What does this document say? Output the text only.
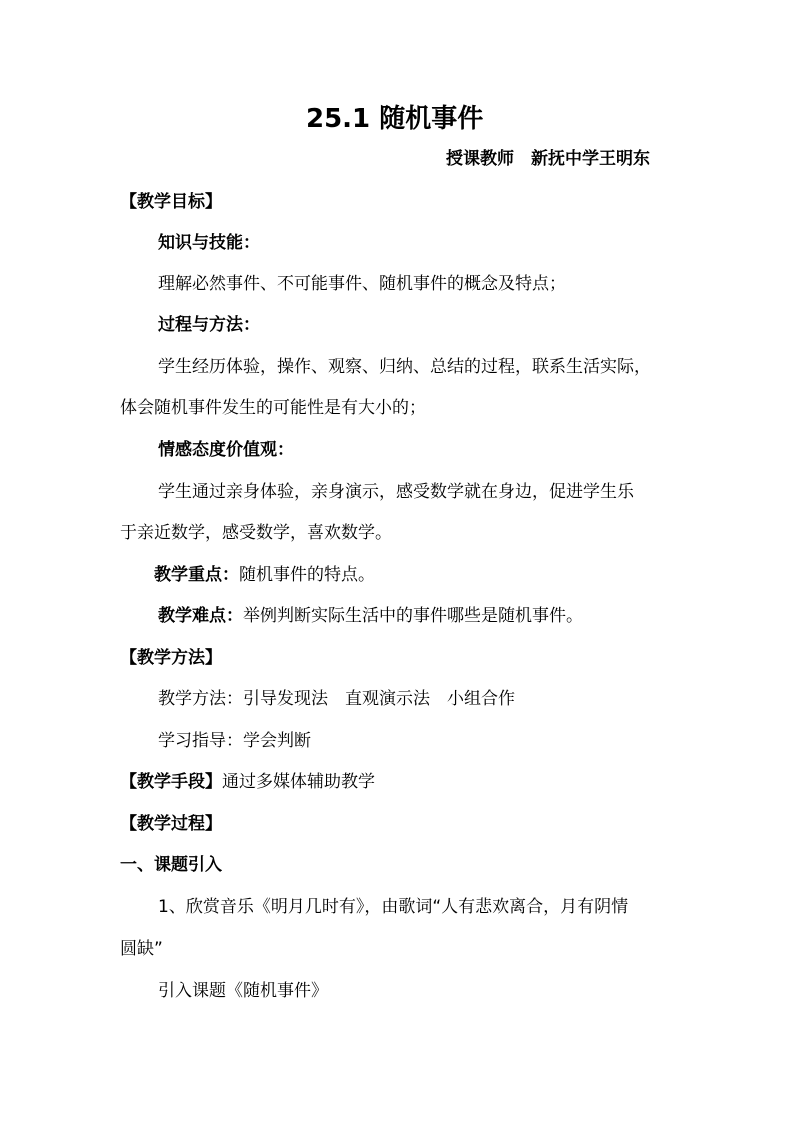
25.1 随机事件
授课教师　新抚中学王明东
【教学目标】
知识与技能：
理解必然事件、不可能事件、随机事件的概念及特点；
过程与方法：
学生经历体验，操作、观察、归纳、总结的过程，联系生活实际，
体会随机事件发生的可能性是有大小的；
情感态度价值观：
学生通过亲身体验，亲身演示，感受数学就在身边，促进学生乐
于亲近数学，感受数学，喜欢数学。
教学重点：随机事件的特点。
教学难点：举例判断实际生活中的事件哪些是随机事件。
【教学方法】
教学方法：引导发现法　直观演示法　小组合作
学习指导：学会判断
【教学手段】通过多媒体辅助教学
【教学过程】
一、课题引入
1、欣赏音乐《明月几时有》，由歌词“人有悲欢离合，月有阴情
圆缺”
引入课题《随机事件》
